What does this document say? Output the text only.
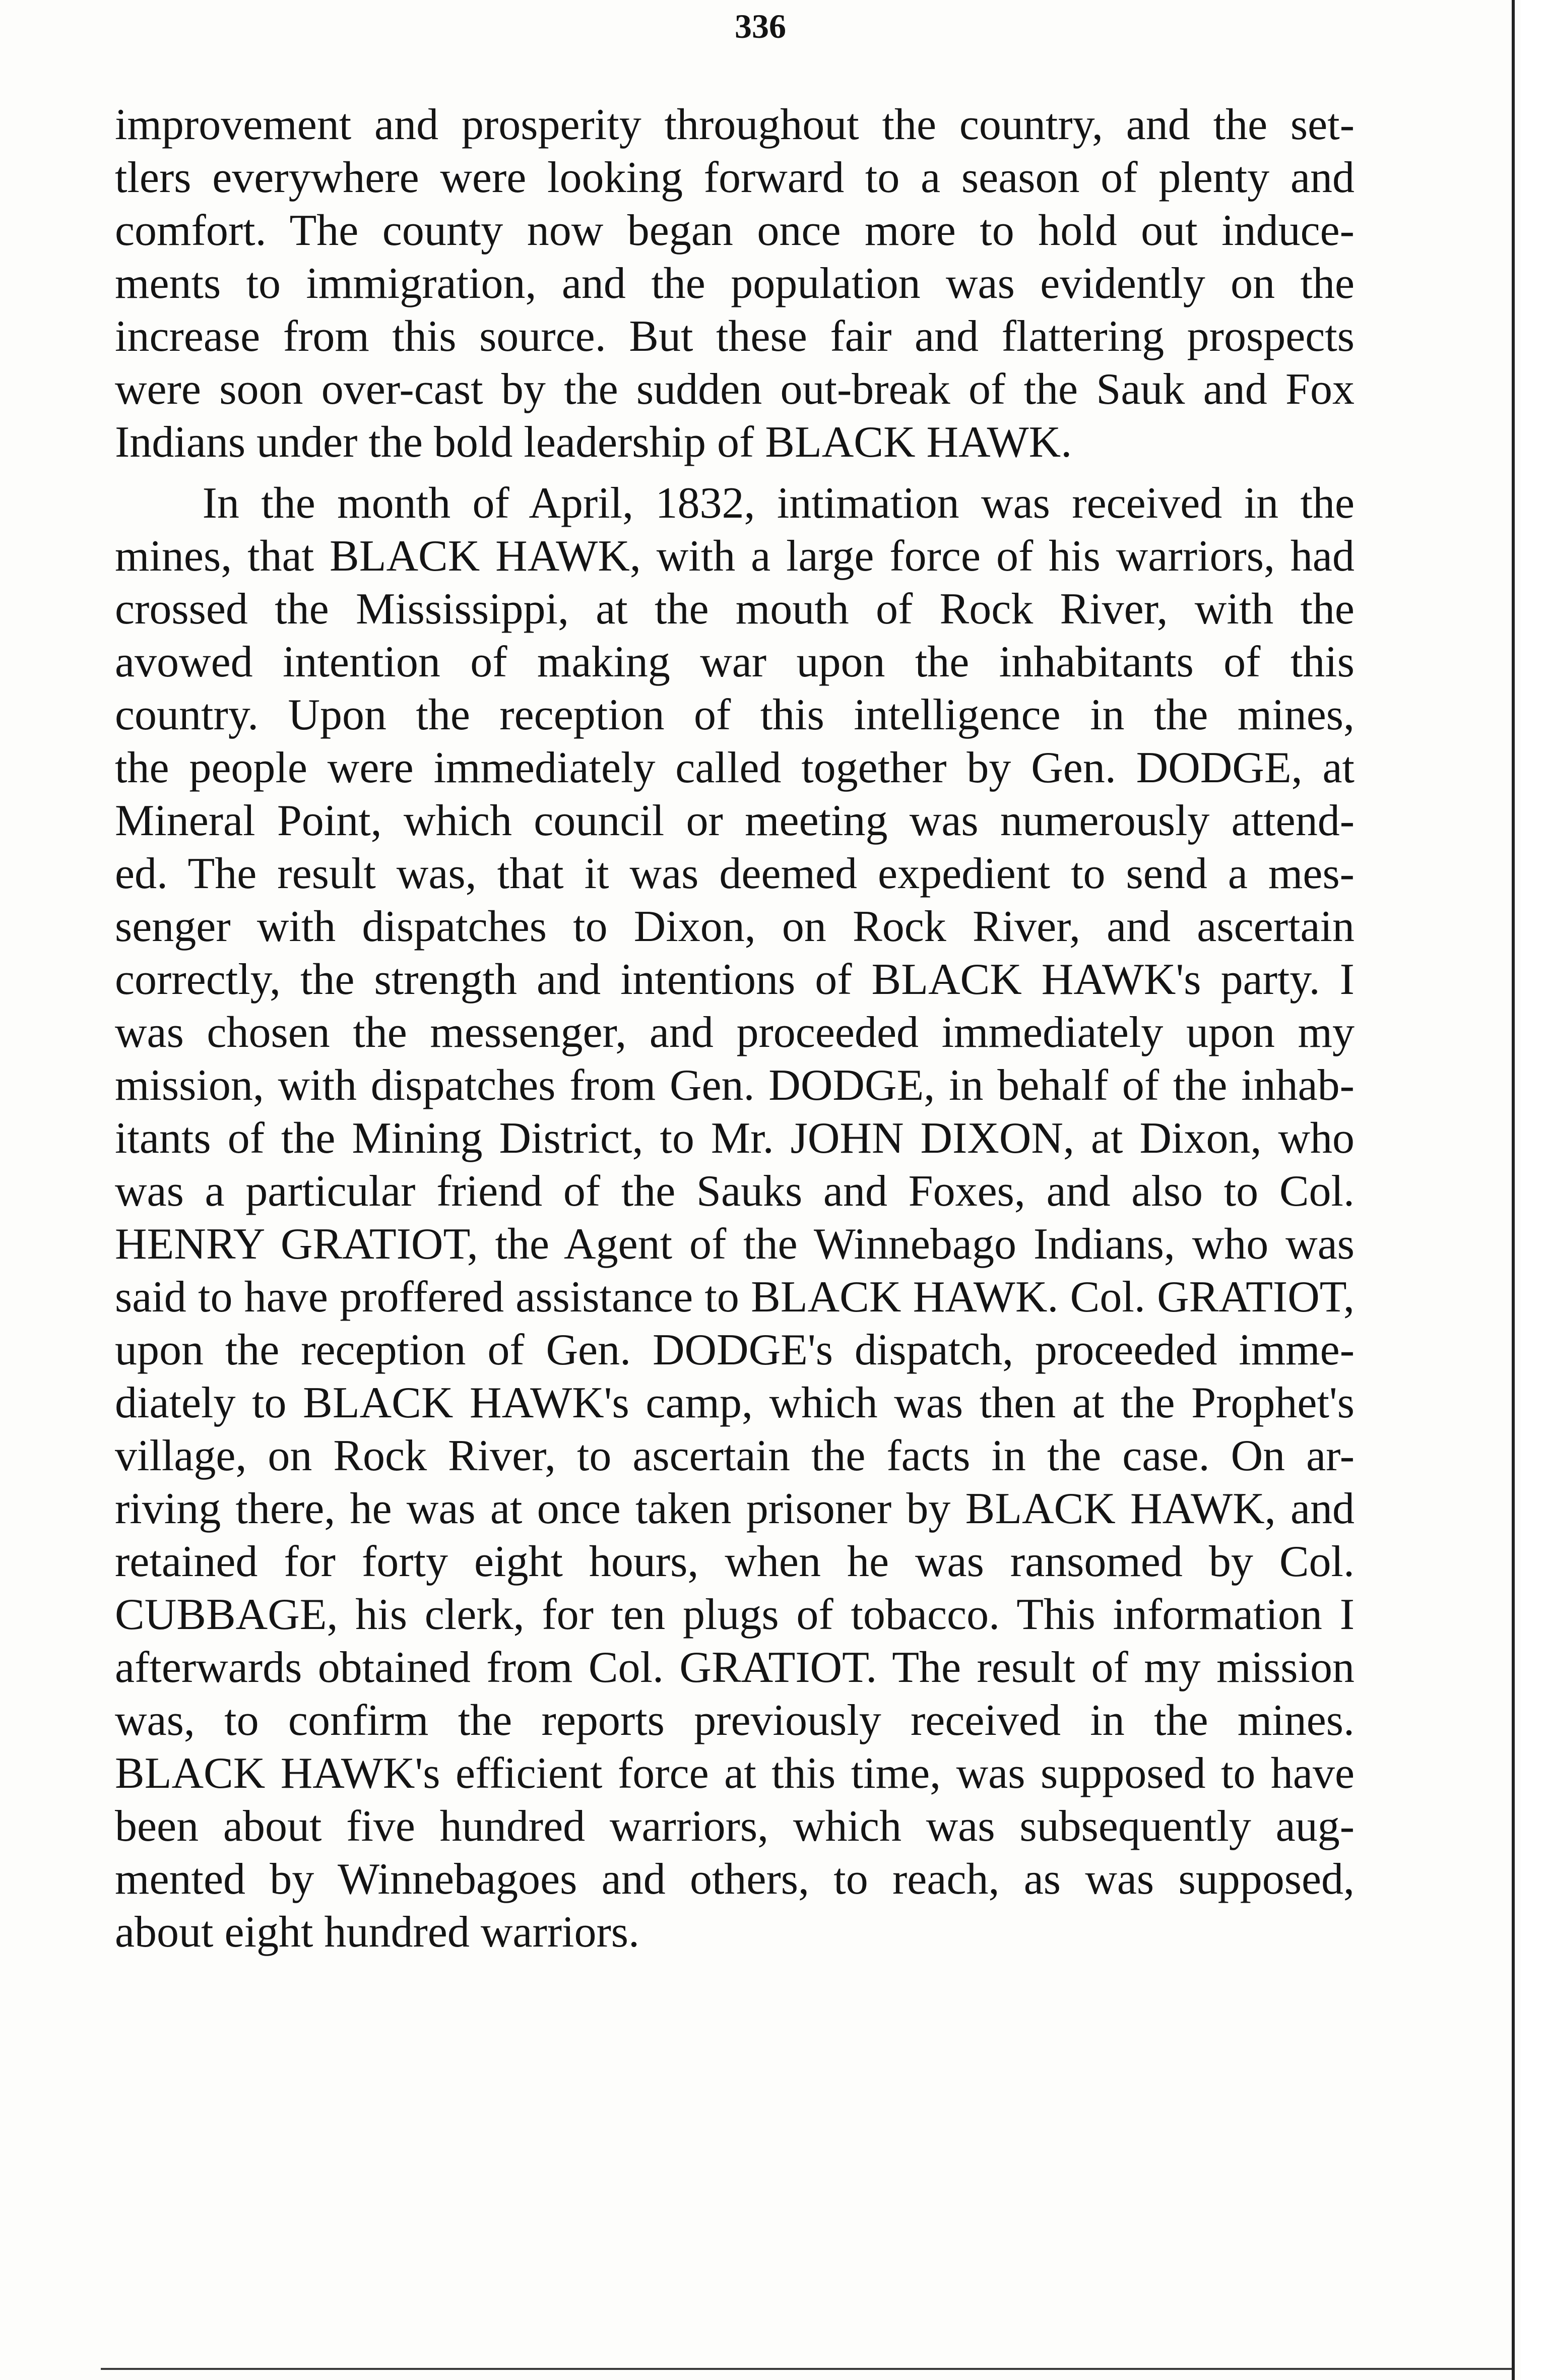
336
improvement and prosperity throughout the country, and the set-
tlers everywhere were looking forward to a season of plenty and
comfort. The county now began once more to hold out induce-
ments to immigration, and the population was evidently on the
increase from this source. But these fair and flattering prospects
were soon over-cast by the sudden out-break of the Sauk and Fox
Indians under the bold leadership of BLACK HAWK.
In the month of April, 1832, intimation was received in the
mines, that BLACK HAWK, with a large force of his warriors, had
crossed the Mississippi, at the mouth of Rock River, with the
avowed intention of making war upon the inhabitants of this
country. Upon the reception of this intelligence in the mines,
the people were immediately called together by Gen. DODGE, at
Mineral Point, which council or meeting was numerously attend-
ed. The result was, that it was deemed expedient to send a mes-
senger with dispatches to Dixon, on Rock River, and ascertain
correctly, the strength and intentions of BLACK HAWK's party. I
was chosen the messenger, and proceeded immediately upon my
mission, with dispatches from Gen. DODGE, in behalf of the inhab-
itants of the Mining District, to Mr. JOHN DIXON, at Dixon, who
was a particular friend of the Sauks and Foxes, and also to Col.
HENRY GRATIOT, the Agent of the Winnebago Indians, who was
said to have proffered assistance to BLACK HAWK. Col. GRATIOT,
upon the reception of Gen. DODGE's dispatch, proceeded imme-
diately to BLACK HAWK's camp, which was then at the Prophet's
village, on Rock River, to ascertain the facts in the case. On ar-
riving there, he was at once taken prisoner by BLACK HAWK, and
retained for forty eight hours, when he was ransomed by Col.
CUBBAGE, his clerk, for ten plugs of tobacco. This information I
afterwards obtained from Col. GRATIOT. The result of my mission
was, to confirm the reports previously received in the mines.
BLACK HAWK's efficient force at this time, was supposed to have
been about five hundred warriors, which was subsequently aug-
mented by Winnebagoes and others, to reach, as was supposed,
about eight hundred warriors.
